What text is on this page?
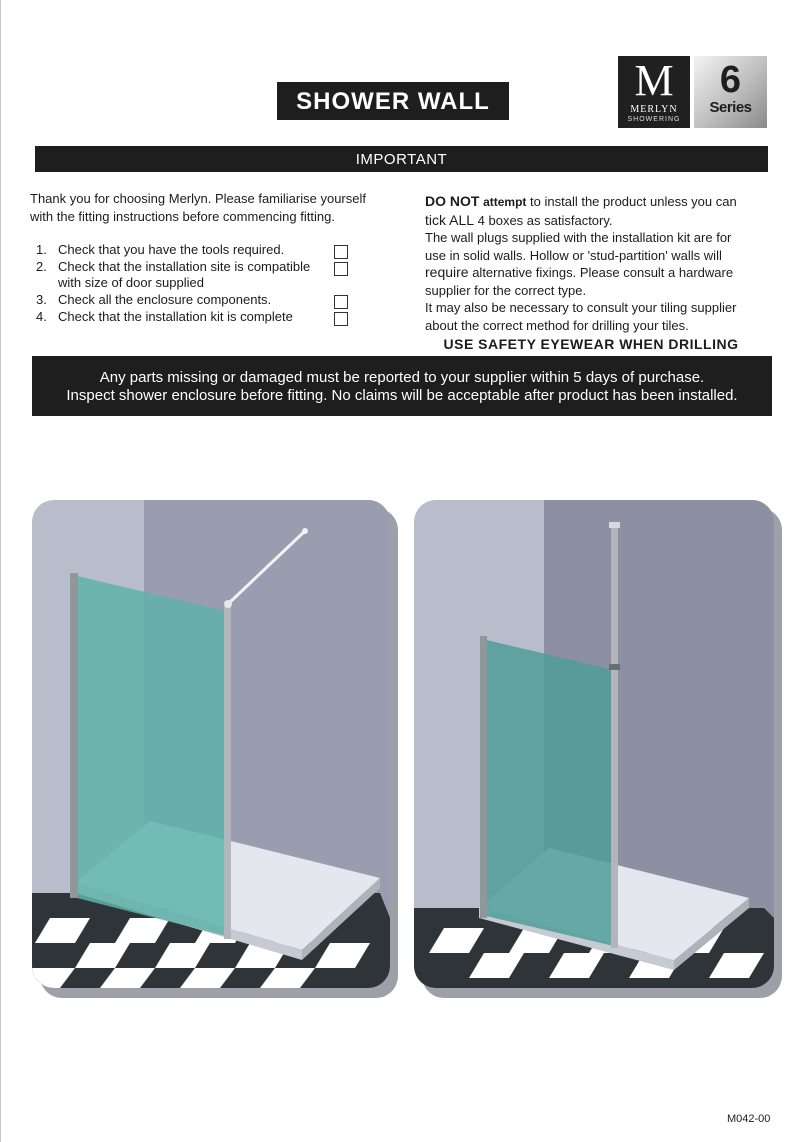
SHOWER WALL	M
MERLYN
SHOWERING
6
Series
IMPORTANT

Thank you for choosing Merlyn. Please familiarise yourself

with the fitting instructions before commencing fitting.

1. Check that you have the tools required.
2. Check that the installation site is compatible
with size of door supplied
3. Check all the enclosure components.
4. Check that the installation kit is complete

DO NOT attempt to install the product unless you can

tick ALL 4 boxes as satisfactory.

The wall plugs supplied with the installation kit are for

use in solid walls. Hollow or 'stud-partition' walls will

require alternative fixings. Please consult a hardware

supplier for the correct type.

It may also be necessary to consult your tiling supplier

about the correct method for drilling your tiles.

USE SAFETY EYEWEAR WHEN DRILLING

Any parts missing or damaged must be reported to your supplier within 5 days of purchase.

Inspect shower enclosure before fitting. No claims will be acceptable after product has been installed.

M042-00
